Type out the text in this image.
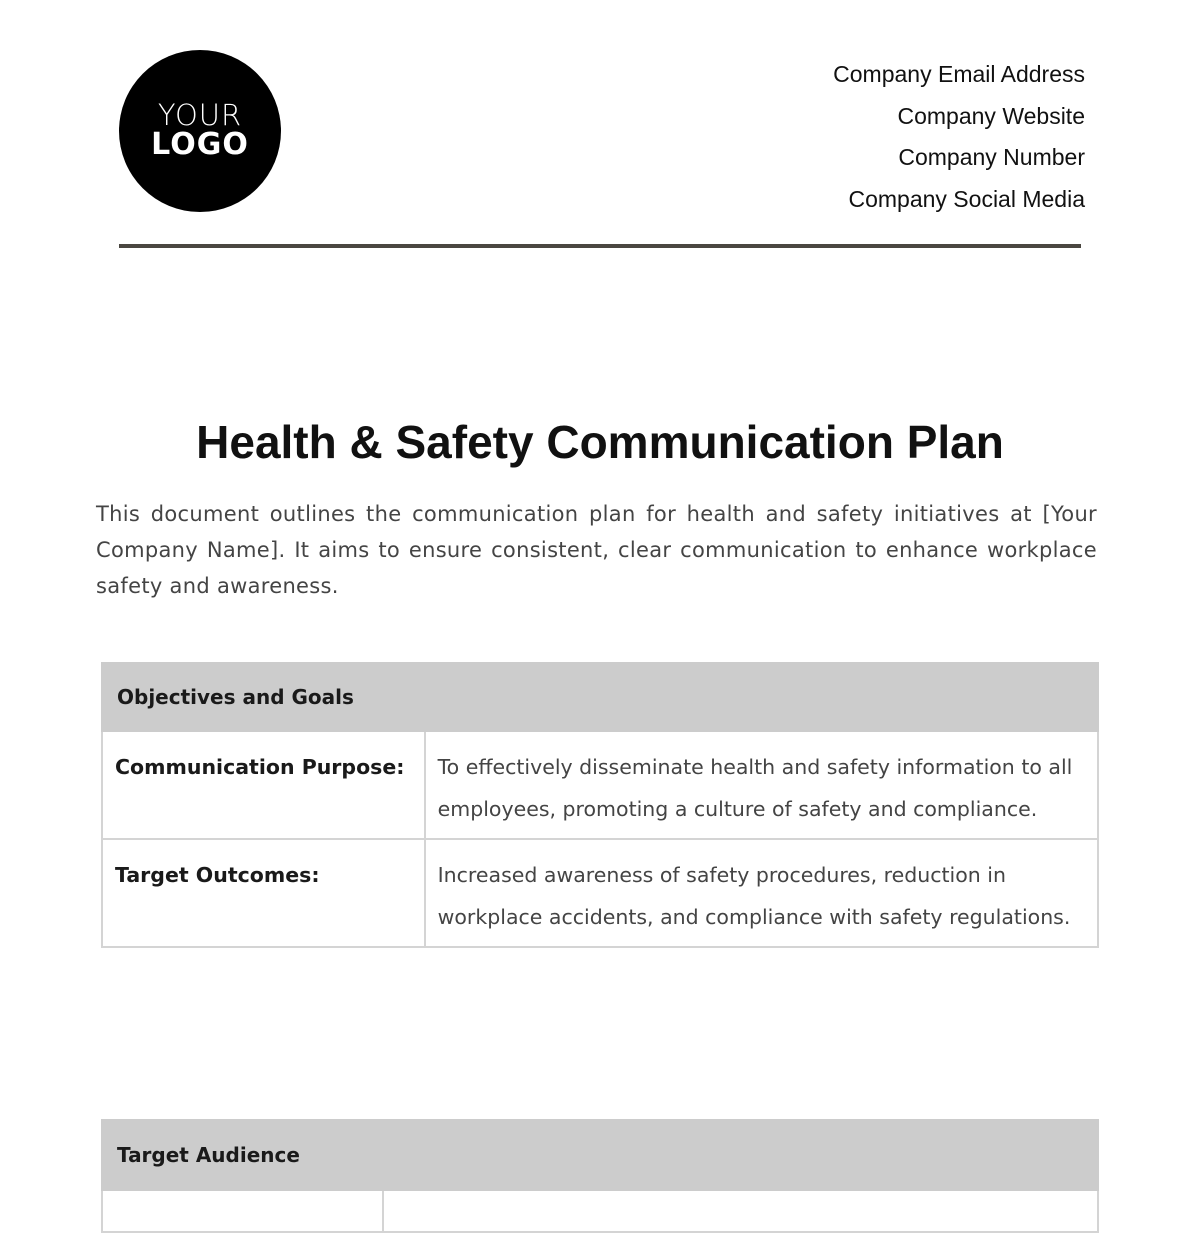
YOUR
LOGO
Company Email Address
Company Website
Company Number
Company Social Media
Health & Safety Communication Plan

This document outlines the communication plan for health and safety initiatives at [Your Company Name]. It aims to ensure consistent, clear communication to enhance workplace safety and awareness.

Objectives and Goals	
Communication Purpose:	To effectively disseminate health and safety information to all employees, promoting a culture of safety and compliance.
Target Outcomes:	Increased awareness of safety procedures, reduction in workplace accidents, and compliance with safety regulations.
Target Audience
